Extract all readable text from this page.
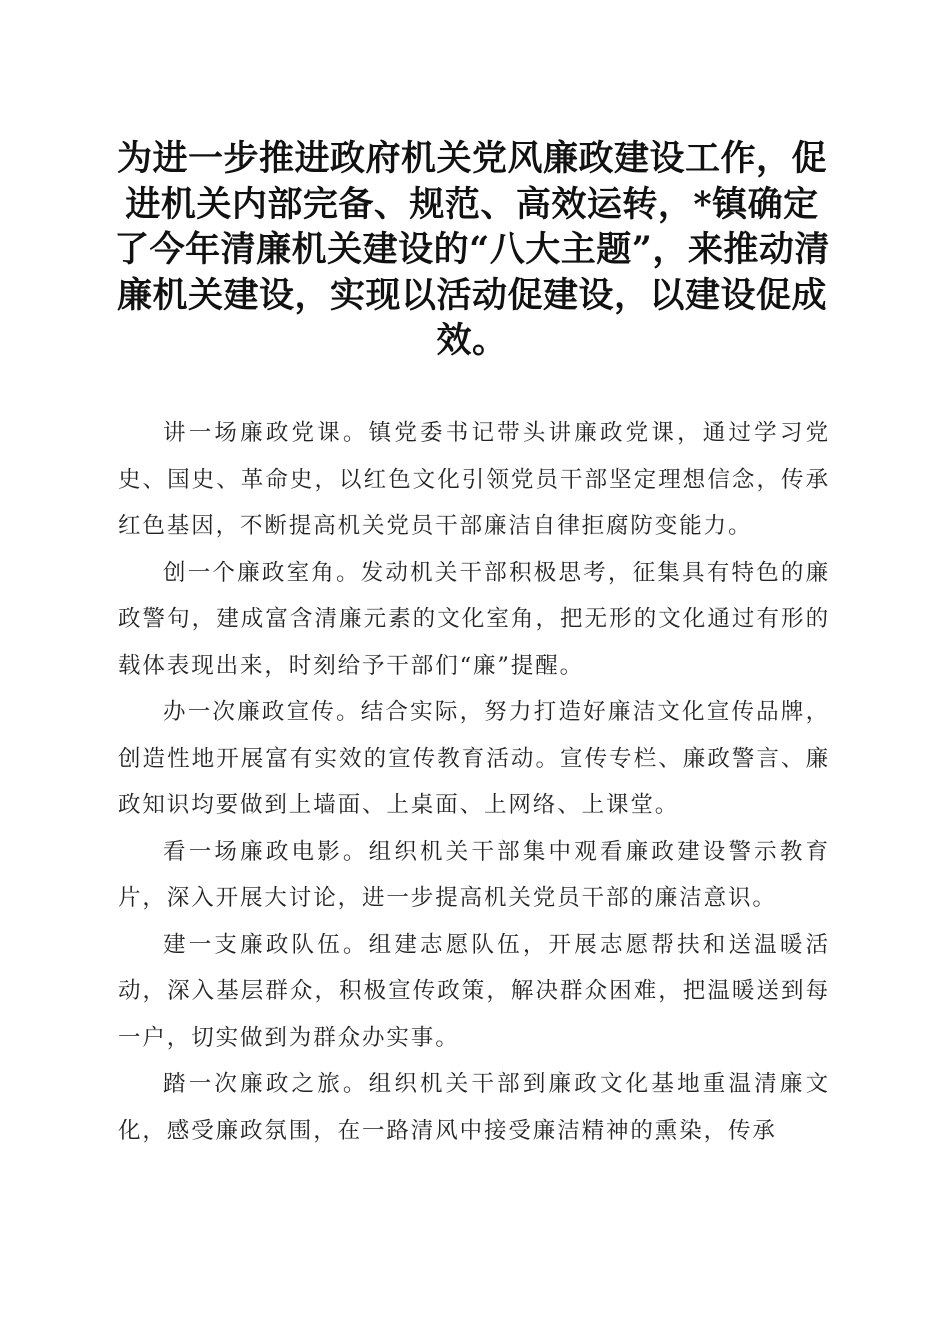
为进一步推进政府机关党风廉政建设工作，促进机关内部完备、规范、高效运转，*镇确定了今年清廉机关建设的“八大主题”，来推动清廉机关建设，实现以活动促建设，以建设促成效。

讲一场廉政党课。镇党委书记带头讲廉政党课，通过学习党史、国史、革命史，以红色文化引领党员干部坚定理想信念，传承红色基因，不断提高机关党员干部廉洁自律拒腐防变能力。

创一个廉政室角。发动机关干部积极思考，征集具有特色的廉政警句，建成富含清廉元素的文化室角，把无形的文化通过有形的载体表现出来，时刻给予干部们“廉”提醒。

办一次廉政宣传。结合实际，努力打造好廉洁文化宣传品牌，创造性地开展富有实效的宣传教育活动。宣传专栏、廉政警言、廉政知识均要做到上墙面、上桌面、上网络、上课堂。

看一场廉政电影。组织机关干部集中观看廉政建设警示教育片，深入开展大讨论，进一步提高机关党员干部的廉洁意识。

建一支廉政队伍。组建志愿队伍，开展志愿帮扶和送温暖活动，深入基层群众，积极宣传政策，解决群众困难，把温暖送到每一户，切实做到为群众办实事。

踏一次廉政之旅。组织机关干部到廉政文化基地重温清廉文化，感受廉政氛围，在一路清风中接受廉洁精神的熏染，传承
